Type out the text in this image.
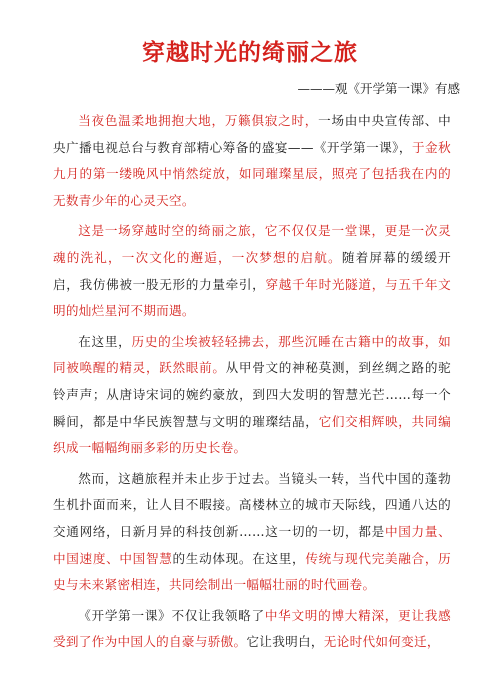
穿越时光的绮丽之旅

———观《开学第一课》有感

当夜色温柔地拥抱大地，万籁俱寂之时，一场由中央宣传部、中央广播电视总台与教育部精心筹备的盛宴——《开学第一课》，于金秋九月的第一缕晚风中悄然绽放，如同璀璨星辰，照亮了包括我在内的无数青少年的心灵天空。

这是一场穿越时空的绮丽之旅，它不仅仅是一堂课，更是一次灵魂的洗礼，一次文化的邂逅，一次梦想的启航。随着屏幕的缓缓开启，我仿佛被一股无形的力量牵引，穿越千年时光隧道，与五千年文明的灿烂星河不期而遇。

在这里，历史的尘埃被轻轻拂去，那些沉睡在古籍中的故事，如同被唤醒的精灵，跃然眼前。从甲骨文的神秘莫测，到丝绸之路的驼铃声声；从唐诗宋词的婉约豪放，到四大发明的智慧光芒……每一个瞬间，都是中华民族智慧与文明的璀璨结晶，它们交相辉映，共同编织成一幅幅绚丽多彩的历史长卷。

然而，这趟旅程并未止步于过去。当镜头一转，当代中国的蓬勃生机扑面而来，让人目不暇接。高楼林立的城市天际线，四通八达的交通网络，日新月异的科技创新……这一切的一切，都是中国力量、中国速度、中国智慧的生动体现。在这里，传统与现代完美融合，历史与未来紧密相连，共同绘制出一幅幅壮丽的时代画卷。

《开学第一课》不仅让我领略了中华文明的博大精深，更让我感受到了作为中国人的自豪与骄傲。它让我明白，无论时代如何变迁，
